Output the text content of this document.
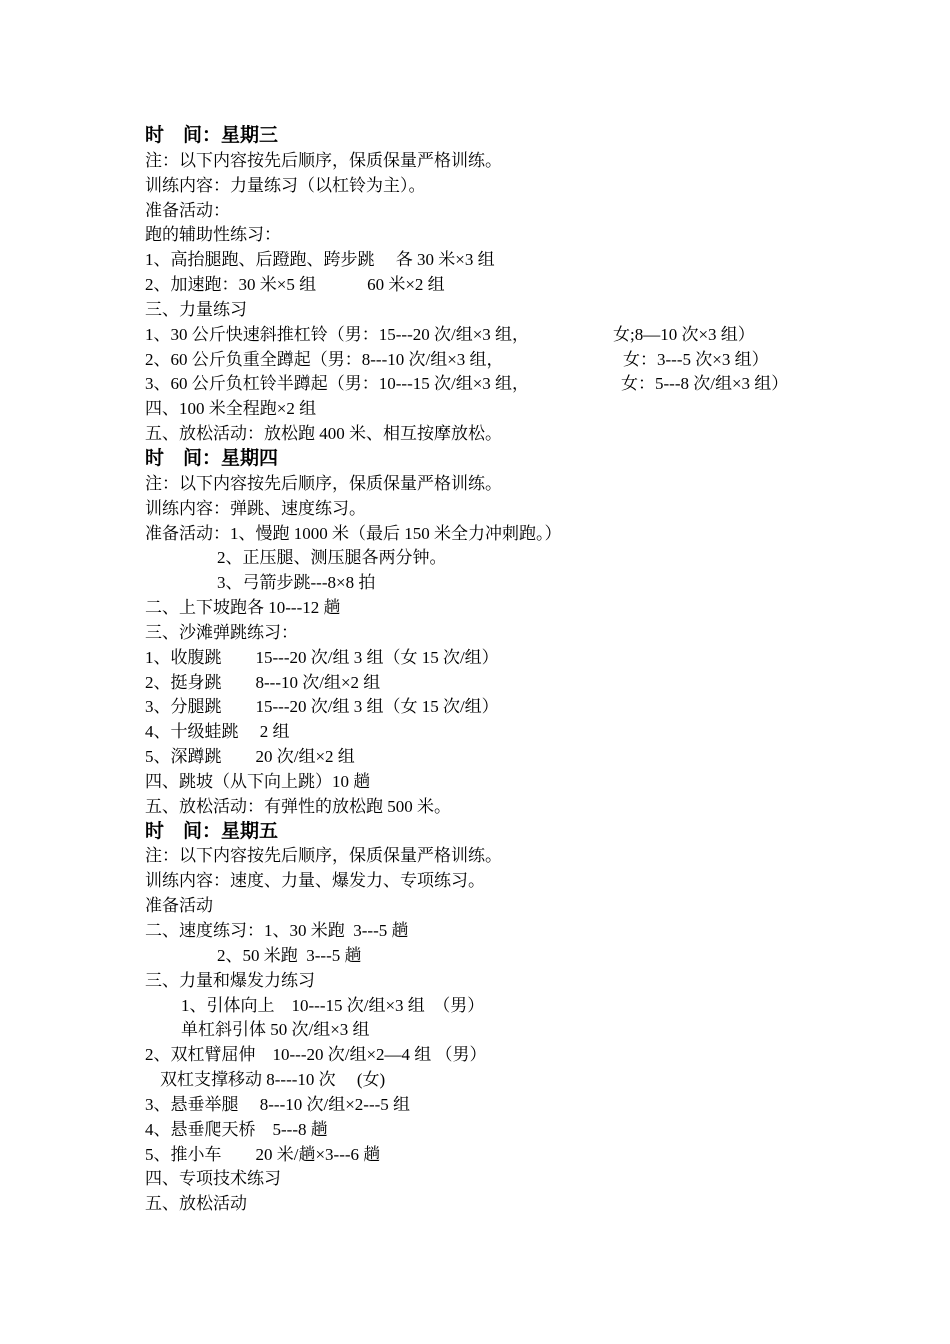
时　间：星期三
注：以下内容按先后顺序，保质保量严格训练。
训练内容：力量练习（以杠铃为主）。
准备活动：
跑的辅助性练习：
1、高抬腿跑、后蹬跑、跨步跳　 各 30 米×3 组
2、加速跑：30 米×5 组　　　60 米×2 组
三、力量练习
1、30 公斤快速斜推杠铃（男：15---20 次/组×3 组，	女;8—10 次×3 组）
2、60 公斤负重全蹲起（男：8---10 次/组×3 组，	女：3---5 次×3 组）
3、60 公斤负杠铃半蹲起（男：10---15 次/组×3 组，	女：5---8 次/组×3 组）
四、100 米全程跑×2 组
五、放松活动：放松跑 400 米、相互按摩放松。
时　间：星期四
注：以下内容按先后顺序，保质保量严格训练。
训练内容：弹跳、速度练习。
准备活动：1、慢跑 1000 米（最后 150 米全力冲刺跑。）
2、正压腿、测压腿各两分钟。
3、弓箭步跳---8×8 拍
二、上下坡跑各 10---12 趟
三、沙滩弹跳练习：
1、收腹跳　　15---20 次/组 3 组（女 15 次/组）
2、挺身跳　　8---10 次/组×2 组
3、分腿跳　　15---20 次/组 3 组（女 15 次/组）
4、十级蛙跳　 2 组
5、深蹲跳　　20 次/组×2 组
四、跳坡（从下向上跳）10 趟
五、放松活动：有弹性的放松跑 500 米。
时　间：星期五
注：以下内容按先后顺序，保质保量严格训练。
训练内容：速度、力量、爆发力、专项练习。
准备活动
二、速度练习：1、30 米跑  3---5 趟
2、50 米跑  3---5 趟
三、力量和爆发力练习
1、引体向上　10---15 次/组×3 组　（男）
单杠斜引体 50 次/组×3 组
2、双杠臂屈伸　10---20 次/组×2—4 组 （男）
双杠支撑移动 8----10 次　 (女)
3、悬垂举腿　 8---10 次/组×2---5 组
4、悬垂爬天桥　5---8 趟
5、推小车　　20 米/趟×3---6 趟
四、专项技术练习
五、放松活动
